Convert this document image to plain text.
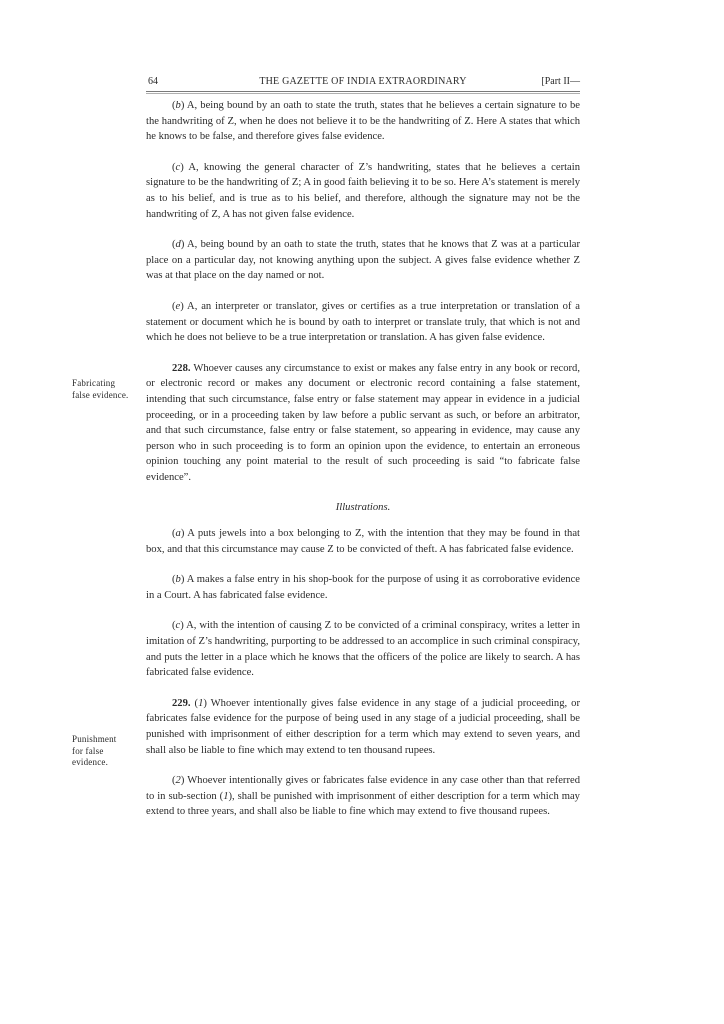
64	THE GAZETTE OF INDIA EXTRAORDINARY	[Part II—
Fabricating
false evidence.
Punishment
for false
evidence.

(b) A, being bound by an oath to state the truth, states that he believes a certain signature to be the handwriting of Z, when he does not believe it to be the handwriting of Z. Here A states that which he knows to be false, and therefore gives false evidence.

(c) A, knowing the general character of Z’s handwriting, states that he believes a certain signature to be the handwriting of Z; A in good faith believing it to be so. Here A’s statement is merely as to his belief, and is true as to his belief, and therefore, although the signature may not be the handwriting of Z, A has not given false evidence.

(d) A, being bound by an oath to state the truth, states that he knows that Z was at a particular place on a particular day, not knowing anything upon the subject. A gives false evidence whether Z was at that place on the day named or not.

(e) A, an interpreter or translator, gives or certifies as a true interpretation or translation of a statement or document which he is bound by oath to interpret or translate truly, that which is not and which he does not believe to be a true interpretation or translation. A has given false evidence.

228. Whoever causes any circumstance to exist or makes any false entry in any book or record, or electronic record or makes any document or electronic record containing a false statement, intending that such circumstance, false entry or false statement may appear in evidence in a judicial proceeding, or in a proceeding taken by law before a public servant as such, or before an arbitrator, and that such circumstance, false entry or false statement, so appearing in evidence, may cause any person who in such proceeding is to form an opinion upon the evidence, to entertain an erroneous opinion touching any point material to the result of such proceeding is said “to fabricate false evidence”.

Illustrations.

(a) A puts jewels into a box belonging to Z, with the intention that they may be found in that box, and that this circumstance may cause Z to be convicted of theft. A has fabricated false evidence.

(b) A makes a false entry in his shop-book for the purpose of using it as corroborative evidence in a Court. A has fabricated false evidence.

(c) A, with the intention of causing Z to be convicted of a criminal conspiracy, writes a letter in imitation of Z’s handwriting, purporting to be addressed to an accomplice in such criminal conspiracy, and puts the letter in a place which he knows that the officers of the police are likely to search. A has fabricated false evidence.

229. (1) Whoever intentionally gives false evidence in any stage of a judicial proceeding, or fabricates false evidence for the purpose of being used in any stage of a judicial proceeding, shall be punished with imprisonment of either description for a term which may extend to seven years, and shall also be liable to fine which may extend to ten thousand rupees.

(2) Whoever intentionally gives or fabricates false evidence in any case other than that referred to in sub-section (1), shall be punished with imprisonment of either description for a term which may extend to three years, and shall also be liable to fine which may extend to five thousand rupees.
